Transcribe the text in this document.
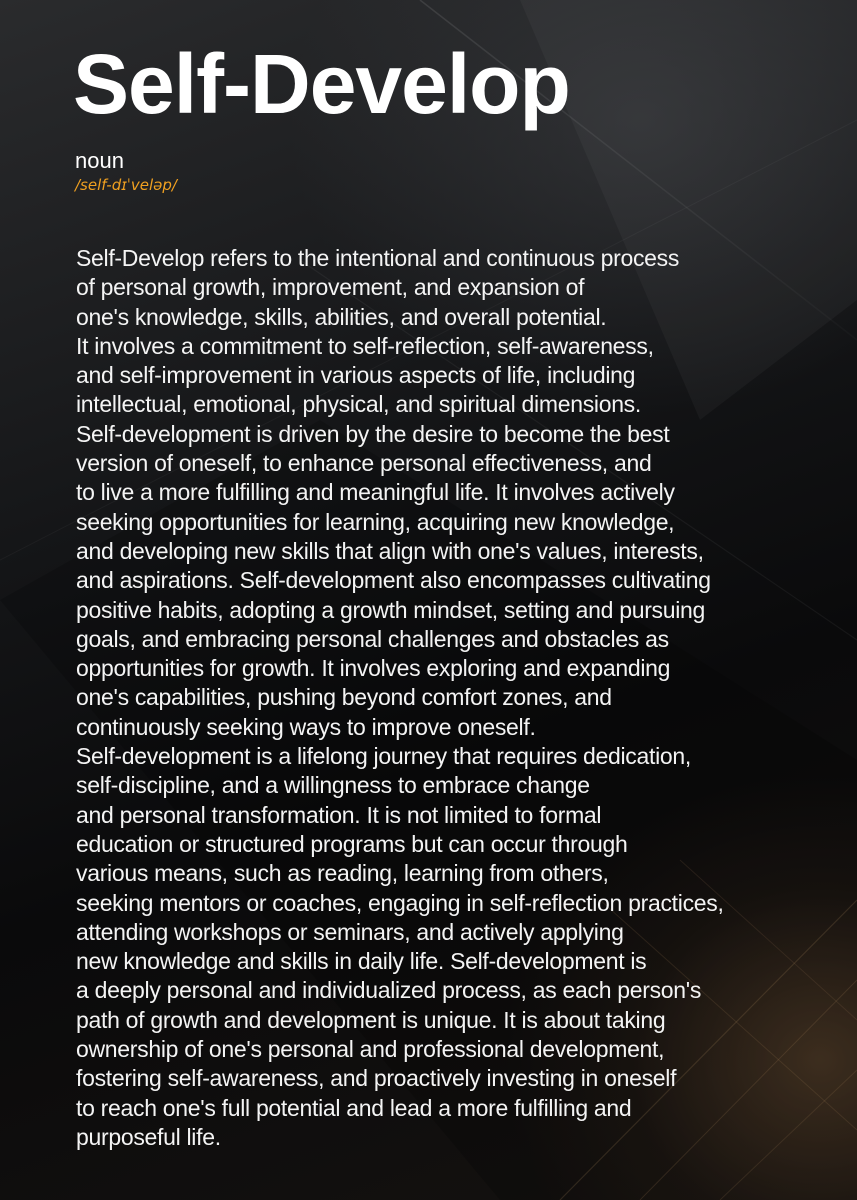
Self-Develop
noun
/self-dɪˈveləp/
Self-Develop refers to the intentional and continuous process
of personal growth, improvement, and expansion of
one's knowledge, skills, abilities, and overall potential.
It involves a commitment to self-reflection, self-awareness,
and self-improvement in various aspects of life, including
intellectual, emotional, physical, and spiritual dimensions.
Self-development is driven by the desire to become the best
version of oneself, to enhance personal effectiveness, and
to live a more fulfilling and meaningful life. It involves actively
seeking opportunities for learning, acquiring new knowledge,
and developing new skills that align with one's values, interests,
and aspirations. Self-development also encompasses cultivating
positive habits, adopting a growth mindset, setting and pursuing
goals, and embracing personal challenges and obstacles as
opportunities for growth. It involves exploring and expanding
one's capabilities, pushing beyond comfort zones, and
continuously seeking ways to improve oneself.
Self-development is a lifelong journey that requires dedication,
self-discipline, and a willingness to embrace change
and personal transformation. It is not limited to formal
education or structured programs but can occur through
various means, such as reading, learning from others,
seeking mentors or coaches, engaging in self-reflection practices,
attending workshops or seminars, and actively applying
new knowledge and skills in daily life. Self-development is
a deeply personal and individualized process, as each person's
path of growth and development is unique. It is about taking
ownership of one's personal and professional development,
fostering self-awareness, and proactively investing in oneself
to reach one's full potential and lead a more fulfilling and
purposeful life.
